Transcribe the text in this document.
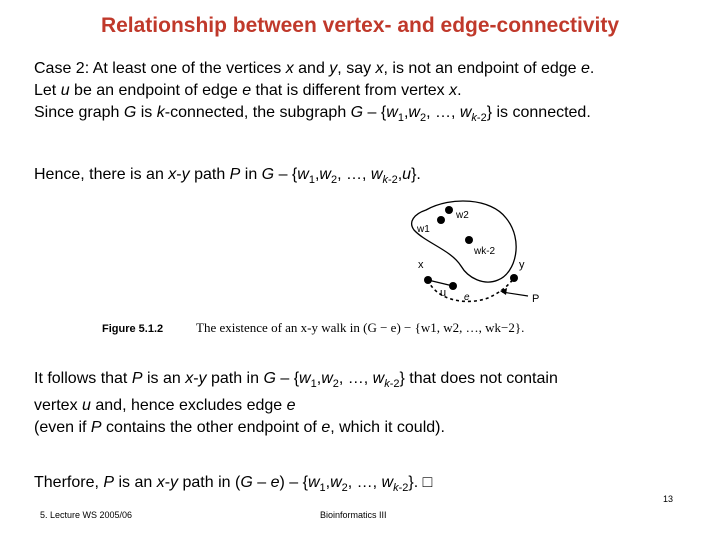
Relationship between vertex- and edge-connectivity
Case 2: At least one of the vertices x and y, say x, is not an endpoint of edge e.
Let u be an endpoint of edge e that is different from vertex x.
Since graph G is k-connected, the subgraph G – {$w_1,w_2$, …, $w_{k-2}$} is connected.
Hence, there is an x-y path P in G – {$w_1,w_2$, …, $w_{k-2},u$}.
w1
w2
wk-2
x	y
u e	P
Figure 5.1.2	The existence of an x-y walk in (G − e) − {w1, w2, …, wk−2}.
It follows that P is an x-y path in G – {$w_1,w_2$, …, $w_{k-2}$} that does not contain
vertex u and, hence excludes edge e
(even if P contains the other endpoint of e, which it could).
Therfore, P is an x-y path in $(G - e) - \{w_1,w_2$, …, $w_{k-2}$}. □
5. Lecture WS 2005/06	Bioinformatics III
13
